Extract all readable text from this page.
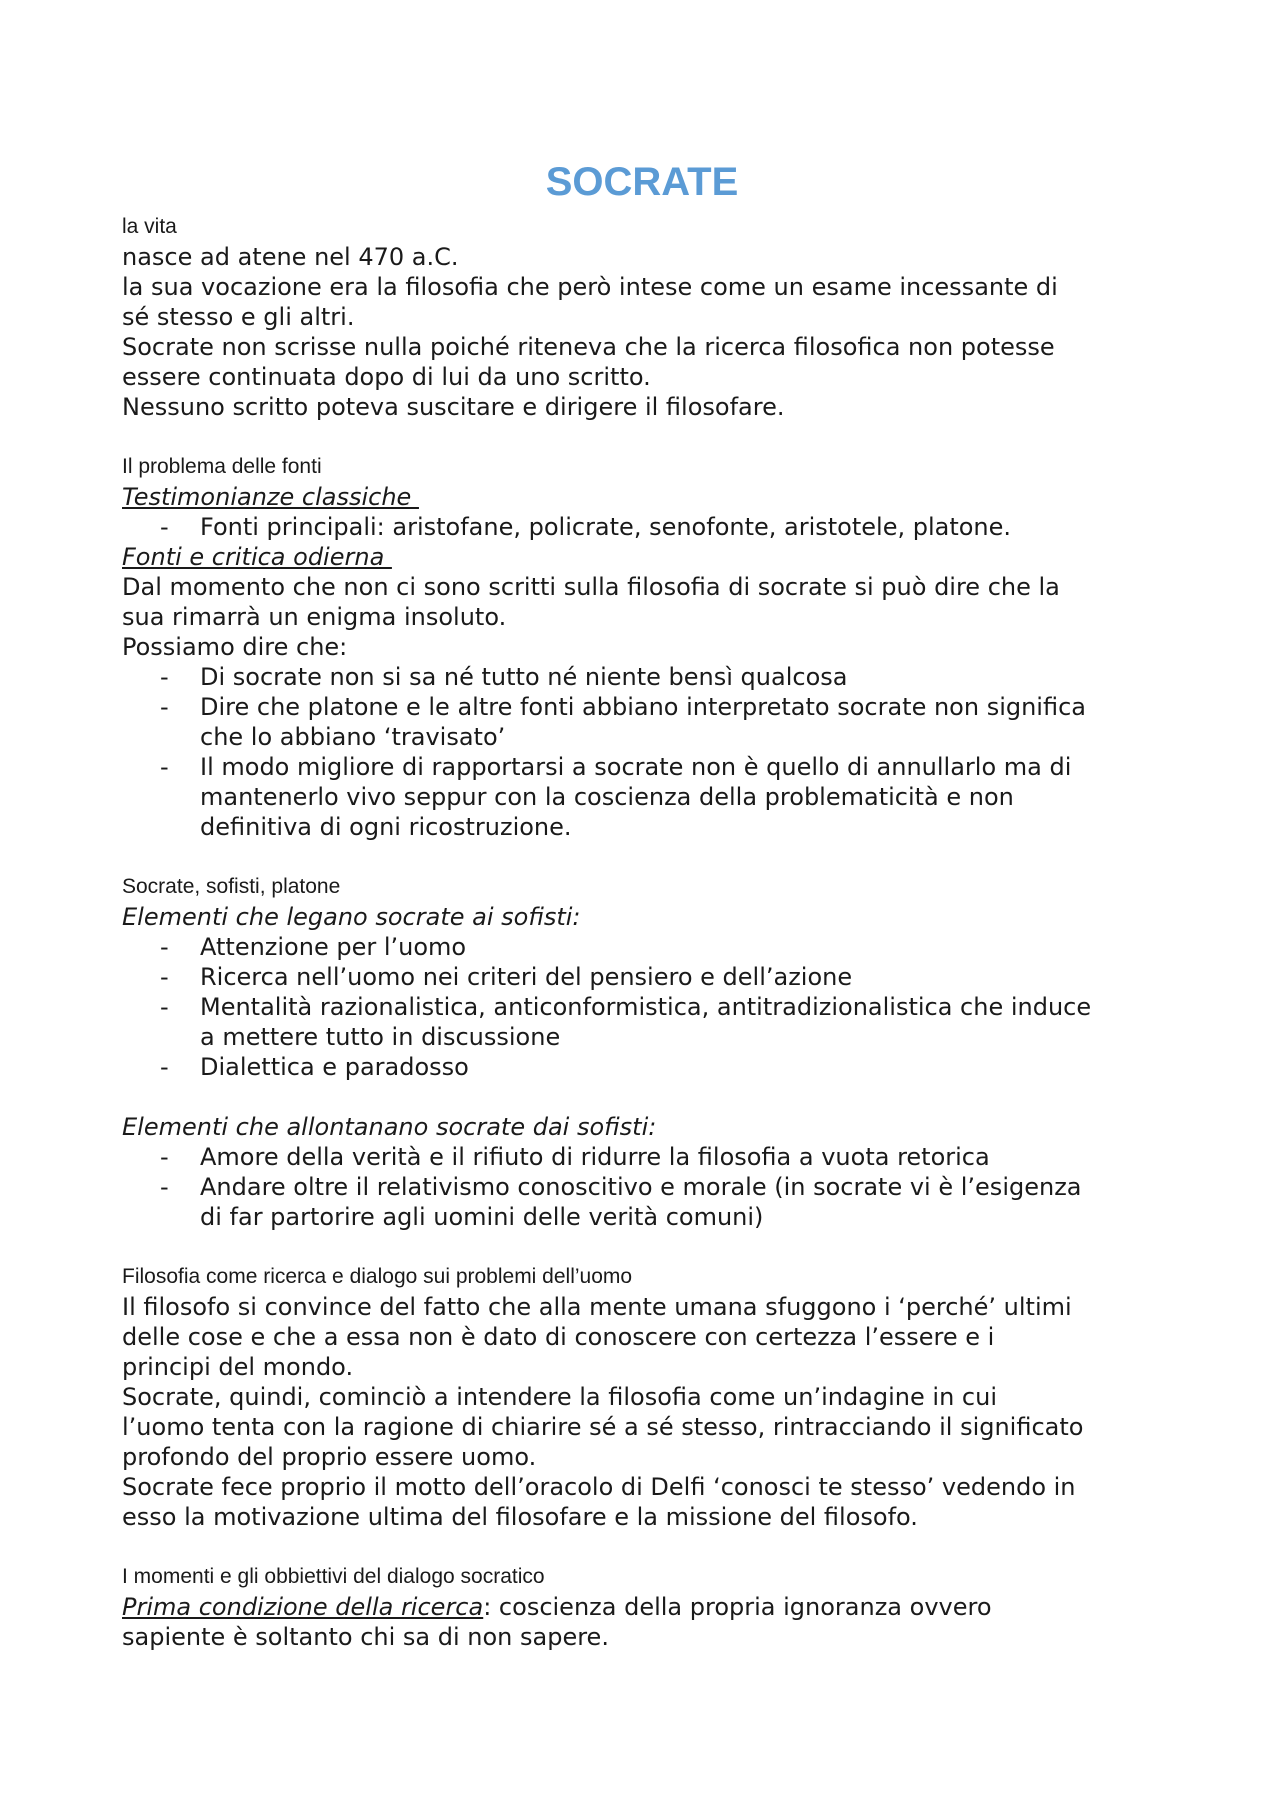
SOCRATE

la vita

nasce ad atene nel 470 a.C.

la sua vocazione era la filosofia che però intese come un esame incessante di

sé stesso e gli altri.

Socrate non scrisse nulla poiché riteneva che la ricerca filosofica non potesse

essere continuata dopo di lui da uno scritto.

Nessuno scritto poteva suscitare e dirigere il filosofare.

Il problema delle fonti

Testimonianze classiche

- Fonti principali: aristofane, policrate, senofonte, aristotele, platone.

Fonti e critica odierna

Dal momento che non ci sono scritti sulla filosofia di socrate si può dire che la

sua rimarrà un enigma insoluto.

Possiamo dire che:

- Di socrate non si sa né tutto né niente bensì qualcosa
- Dire che platone e le altre fonti abbiano interpretato socrate non significa
che lo abbiano ‘travisato’
- Il modo migliore di rapportarsi a socrate non è quello di annullarlo ma di
mantenerlo vivo seppur con la coscienza della problematicità e non
definitiva di ogni ricostruzione.

Socrate, sofisti, platone

Elementi che legano socrate ai sofisti:

- Attenzione per l’uomo
- Ricerca nell’uomo nei criteri del pensiero e dell’azione
- Mentalità razionalistica, anticonformistica, antitradizionalistica che induce
a mettere tutto in discussione
- Dialettica e paradosso

Elementi che allontanano socrate dai sofisti:

- Amore della verità e il rifiuto di ridurre la filosofia a vuota retorica
- Andare oltre il relativismo conoscitivo e morale (in socrate vi è l’esigenza
di far partorire agli uomini delle verità comuni)

Filosofia come ricerca e dialogo sui problemi dell’uomo

Il filosofo si convince del fatto che alla mente umana sfuggono i ‘perché’ ultimi

delle cose e che a essa non è dato di conoscere con certezza l’essere e i

principi del mondo.

Socrate, quindi, cominciò a intendere la filosofia come un’indagine in cui

l’uomo tenta con la ragione di chiarire sé a sé stesso, rintracciando il significato

profondo del proprio essere uomo.

Socrate fece proprio il motto dell’oracolo di Delfi ‘conosci te stesso’ vedendo in

esso la motivazione ultima del filosofare e la missione del filosofo.

I momenti e gli obbiettivi del dialogo socratico

Prima condizione della ricerca: coscienza della propria ignoranza ovvero

sapiente è soltanto chi sa di non sapere.
